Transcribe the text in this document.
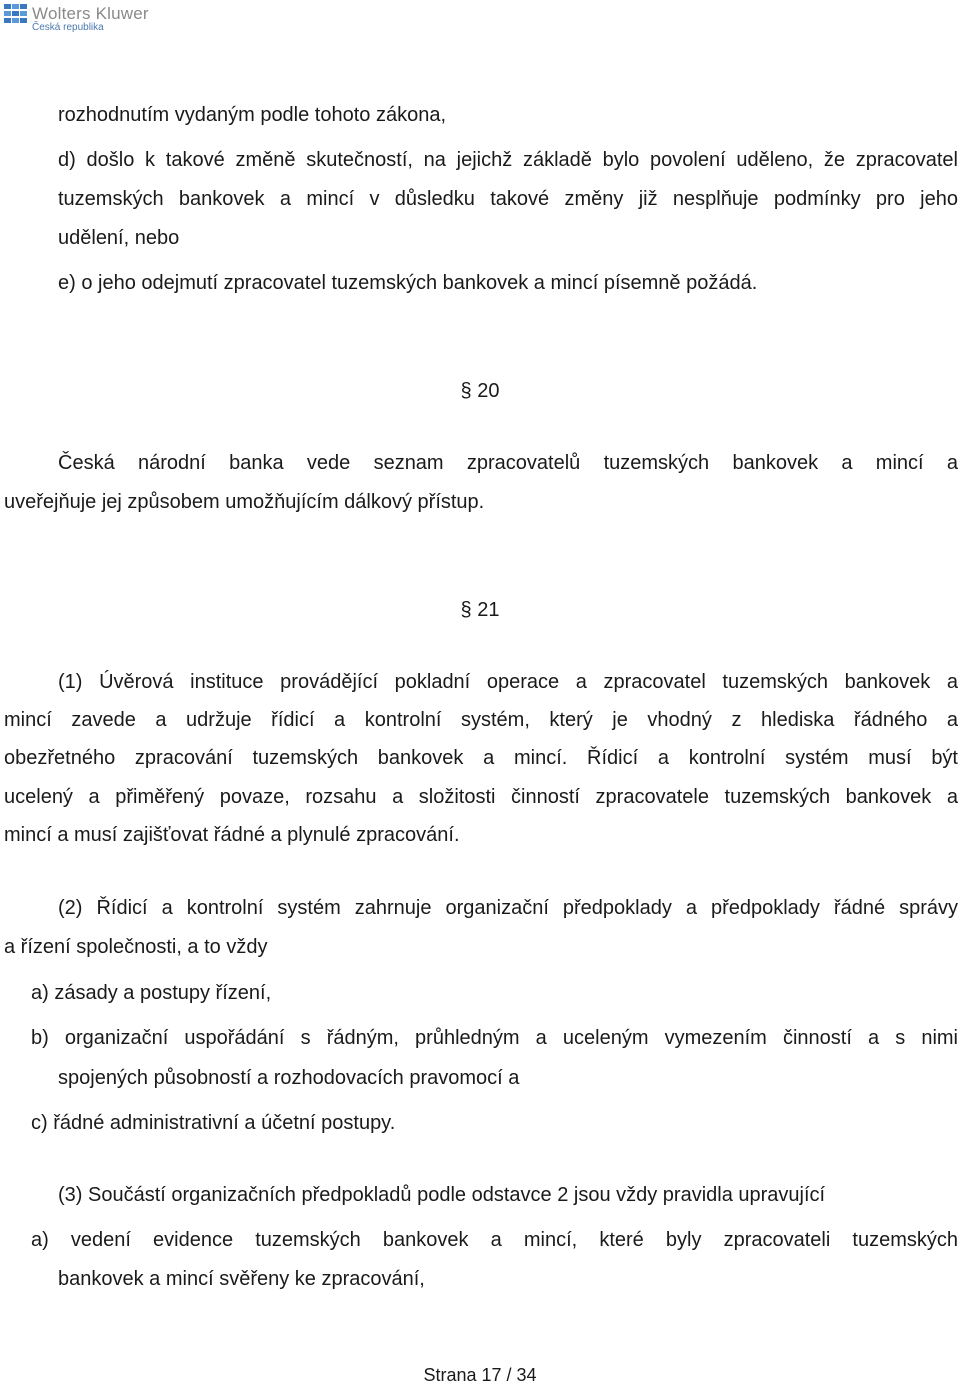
Wolters Kluwer
Česká republika
rozhodnutím vydaným podle tohoto zákona,
d) došlo k takové změně skutečností, na jejichž základě bylo povolení uděleno, že zpracovatel
tuzemských bankovek a mincí v důsledku takové změny již nesplňuje podmínky pro jeho
udělení, nebo
e) o jeho odejmutí zpracovatel tuzemských bankovek a mincí písemně požádá.
§ 20
Česká národní banka vede seznam zpracovatelů tuzemských bankovek a mincí a
uveřejňuje jej způsobem umožňujícím dálkový přístup.
§ 21
(1) Úvěrová instituce provádějící pokladní operace a zpracovatel tuzemských bankovek a
mincí zavede a udržuje řídicí a kontrolní systém, který je vhodný z hlediska řádného a
obezřetného zpracování tuzemských bankovek a mincí. Řídicí a kontrolní systém musí být
ucelený a přiměřený povaze, rozsahu a složitosti činností zpracovatele tuzemských bankovek a
mincí a musí zajišťovat řádné a plynulé zpracování.
(2) Řídicí a kontrolní systém zahrnuje organizační předpoklady a předpoklady řádné správy
a řízení společnosti, a to vždy
a) zásady a postupy řízení,
b) organizační uspořádání s řádným, průhledným a uceleným vymezením činností a s nimi
spojených působností a rozhodovacích pravomocí a
c) řádné administrativní a účetní postupy.
(3) Součástí organizačních předpokladů podle odstavce 2 jsou vždy pravidla upravující
a) vedení evidence tuzemských bankovek a mincí, které byly zpracovateli tuzemských
bankovek a mincí svěřeny ke zpracování,
Strana 17 / 34
